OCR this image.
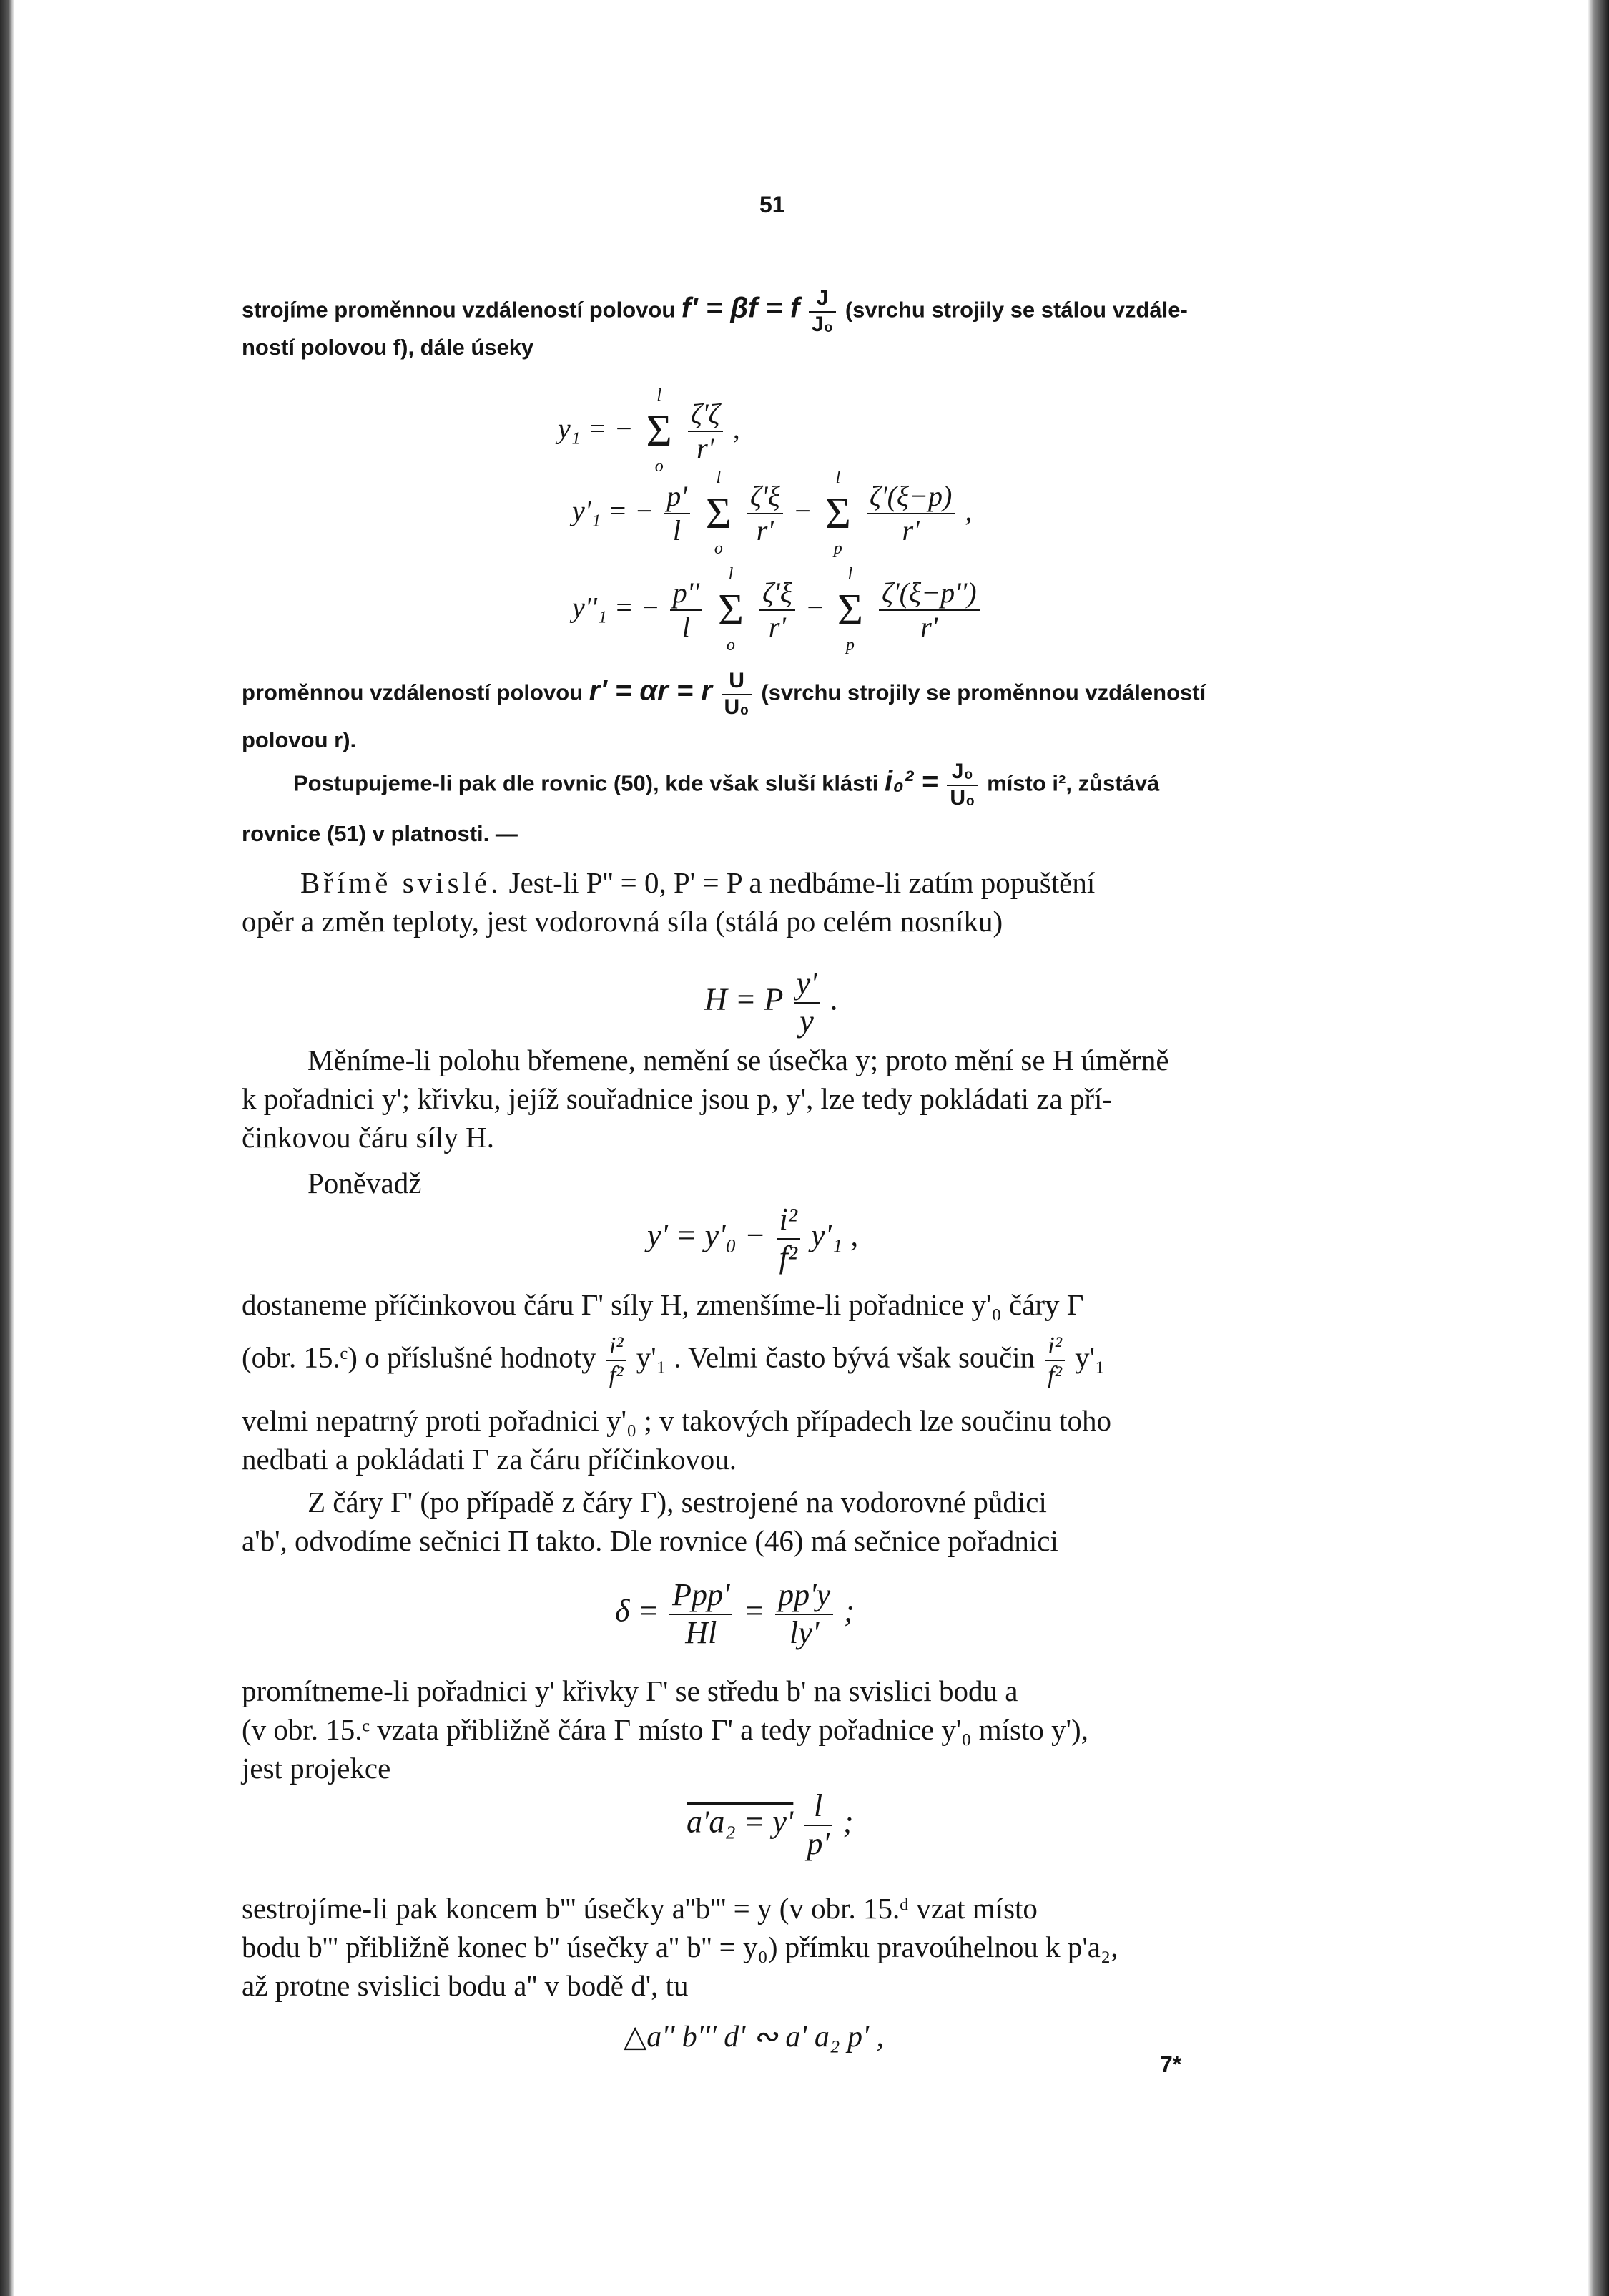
51
strojíme proměnnou vzdáleností polovou f' = βf = f $\frac{J}{\text{J₀}}$ (svrchu strojily se stálou vzdále-
ností polovou f), dále úseky
y₁ = −
l
Σ
o

$\frac{\zeta'\zeta}{r'}$ ,
y'₁ = − $\frac{p'}{l}$

l
Σ
o

$\frac{\zeta'\xi}{r'}$ −
l
Σ
p

$\frac{\zeta'(\xi-p)}{r'}$ ,
y''₁ = − $\frac{p''}{l}$

l
Σ
o

$\frac{\zeta'\xi}{r'}$ −
l
Σ
p

$\frac{\zeta'(\xi-p'')}{r'}$
proměnnou vzdáleností polovou r' = αr = r $\frac{U}{\text{U₀}}$ (svrchu strojily se proměnnou vzdáleností
polovou r).
Postupujeme-li pak dle rovnic (50), kde však sluší klásti $i_0^2 = \frac{\text{J₀}}{\text{U₀}}$ místo i², zůstává
rovnice (51) v platnosti. —
Břímě svislé. Jest-li P'' = 0, P' = P a nedbáme-li zatím popuštění
opěr a změn teploty, jest vodorovná síla (stálá po celém nosníku)
H = P $\frac{y'}{y}$ .
Měníme-li polohu břemene, nemění se úsečka y; proto mění se H úměrně
k pořadnici y'; křivku, jejíž souřadnice jsou p, y', lze tedy pokládati za pří-
činkovou čáru síly H.
Poněvadž
$y' = y'_0 - \frac{\text{i²}}{\text{f²}} y'_1$ ,
dostaneme příčinkovou čáru Γ' síly H, zmenšíme-li pořadnice y'₀ čáry Γ
(obr. 15.ᶜ) o příslušné hodnoty $\frac{\text{i²}}{\text{f²}} y'_1$ . Velmi často bývá však součin $\frac{\text{i²}}{\text{f²}} y'_1$
velmi nepatrný proti pořadnici y'₀ ; v takových případech lze součinu toho
nedbati a pokládati Γ za čáru příčinkovou.
Z čáry Γ' (po případě z čáry Γ), sestrojené na vodorovné půdici
a'b', odvodíme sečnici Π takto. Dle rovnice (46) má sečnice pořadnici
$\delta = \frac{\text{Ppp'}}{Hl} = \frac{pp'y}{ly'}$ ;
promítneme-li pořadnici y' křivky Γ' se středu b' na svislici bodu a
(v obr. 15.ᶜ vzata přibližně čára Γ místo Γ' a tedy pořadnice y'₀ místo y'),
jest projekce
$a'a_2 = y' \frac{l}{p'}$ ;
sestrojíme-li pak koncem b''' úsečky a''b''' = y (v obr. 15.ᵈ vzat místo
bodu b''' přibližně konec b'' úsečky a'' b'' = y₀) přímku pravoúhelnou k p'a₂,
až protne svislici bodu a'' v bodě d', tu
△a'' b''' d' ∾ a' a₂ p' ,
7*
